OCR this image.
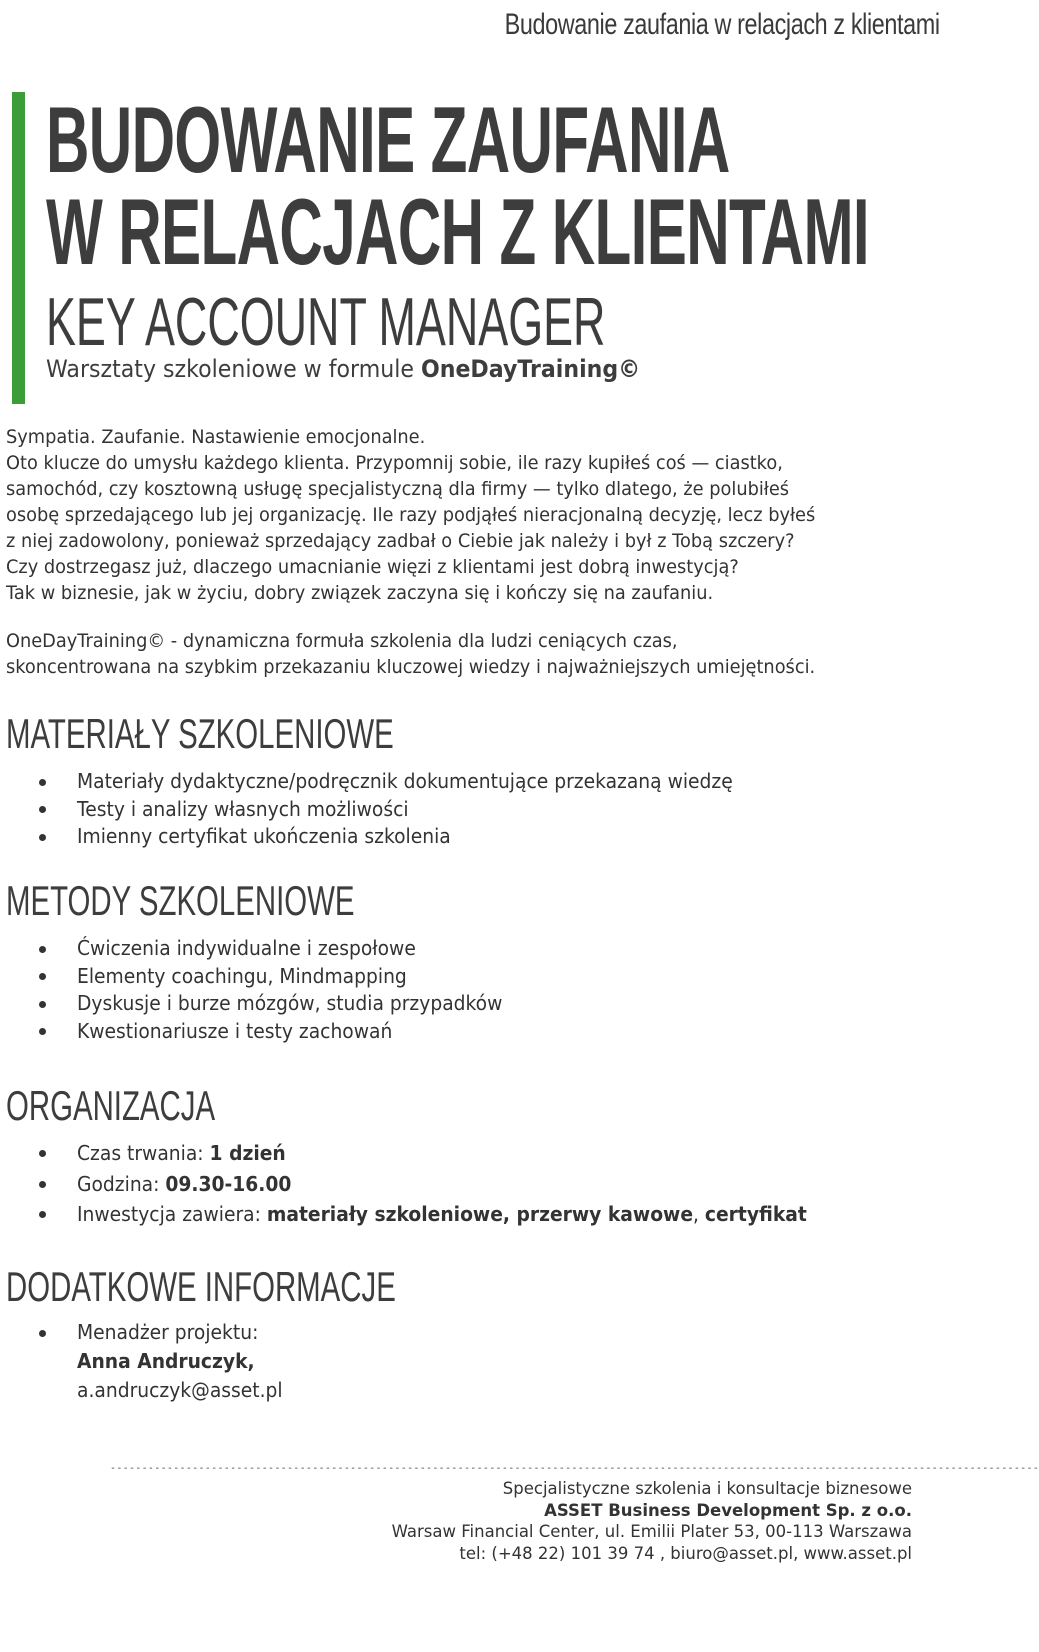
Budowanie zaufania w relacjach z klientami
BUDOWANIE ZAUFANIA
W RELACJACH Z KLIENTAMI
KEY ACCOUNT MANAGER
Warsztaty szkoleniowe w formule OneDayTraining©
Sympatia. Zaufanie. Nastawienie emocjonalne.
Oto klucze do umysłu każdego klienta. Przypomnij sobie, ile razy kupiłeś coś — ciastko,
samochód, czy kosztowną usługę specjalistyczną dla firmy — tylko dlatego, że polubiłeś
osobę sprzedającego lub jej organizację. Ile razy podjąłeś nieracjonalną decyzję, lecz byłeś
z niej zadowolony, ponieważ sprzedający zadbał o Ciebie jak należy i był z Tobą szczery?
Czy dostrzegasz już, dlaczego umacnianie więzi z klientami jest dobrą inwestycją?
Tak w biznesie, jak w życiu, dobry związek zaczyna się i kończy się na zaufaniu.
OneDayTraining© - dynamiczna formuła szkolenia dla ludzi ceniących czas,
skoncentrowana na szybkim przekazaniu kluczowej wiedzy i najważniejszych umiejętności.
MATERIAŁY SZKOLENIOWE
Materiały dydaktyczne/podręcznik dokumentujące przekazaną wiedzę
Testy i analizy własnych możliwości
Imienny certyfikat ukończenia szkolenia
METODY SZKOLENIOWE
Ćwiczenia indywidualne i zespołowe
Elementy coachingu, Mindmapping
Dyskusje i burze mózgów, studia przypadków
Kwestionariusze i testy zachowań
ORGANIZACJA
Czas trwania: 1 dzień
Godzina: 09.30-16.00
Inwestycja zawiera: materiały szkoleniowe, przerwy kawowe, certyfikat
DODATKOWE INFORMACJE
Menadżer projektu:
Anna Andruczyk,
a.andruczyk@asset.pl
---------------------------------------------------------------------------------------------------------------------------------------------------
Specjalistyczne szkolenia i konsultacje biznesowe
ASSET Business Development Sp. z o.o.
Warsaw Financial Center, ul. Emilii Plater 53, 00-113 Warszawa
tel: (+48 22) 101 39 74 , biuro@asset.pl, www.asset.pl
